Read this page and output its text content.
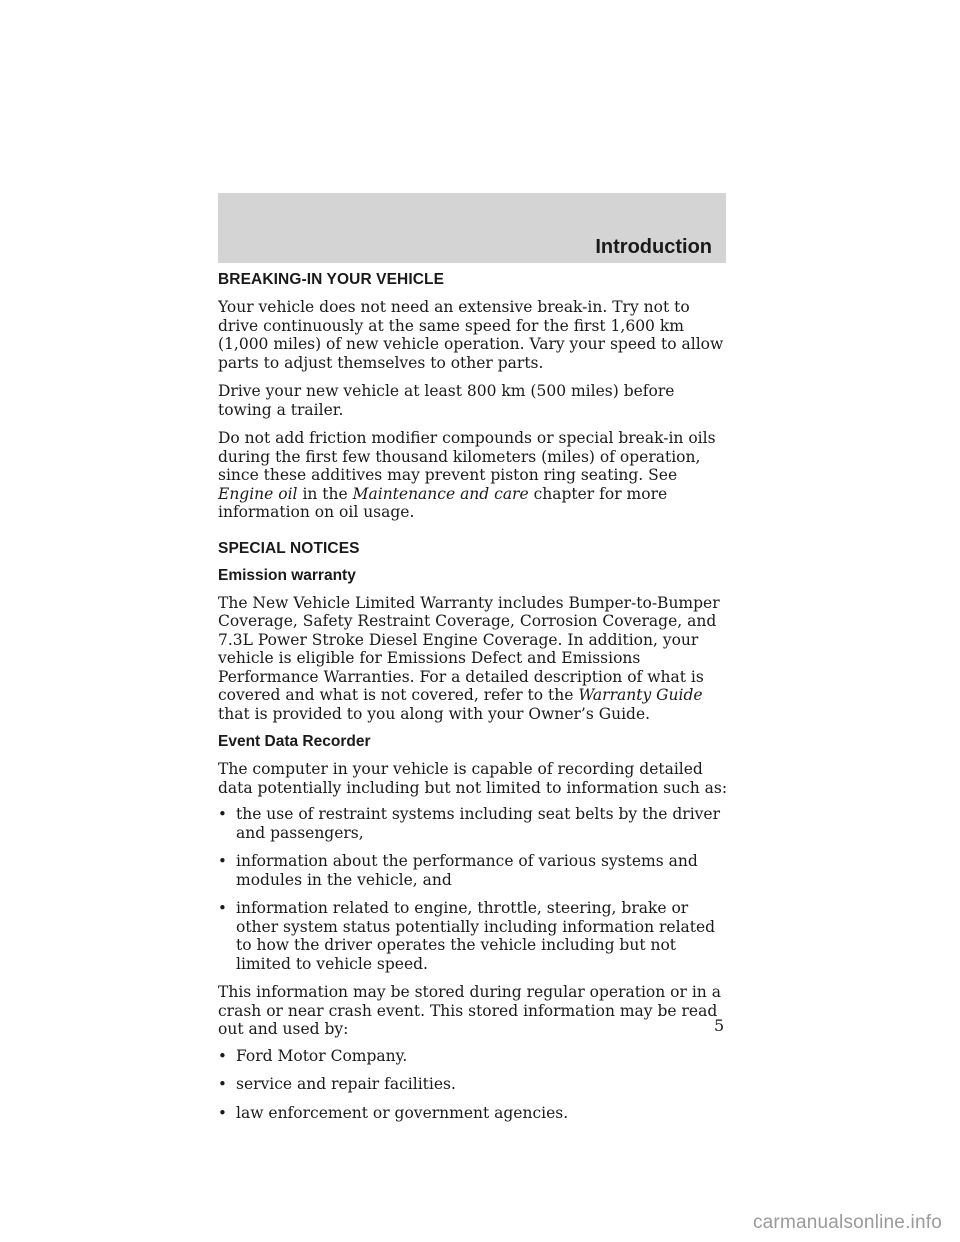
Introduction
BREAKING-IN YOUR VEHICLE

Your vehicle does not need an extensive break-in. Try not to drive continuously at the same speed for the first 1,600 km (1,000 miles) of new vehicle operation. Vary your speed to allow parts to adjust themselves to other parts.

Drive your new vehicle at least 800 km (500 miles) before towing a trailer.

Do not add friction modifier compounds or special break-in oils during the first few thousand kilometers (miles) of operation, since these additives may prevent piston ring seating. See Engine oil in the Maintenance and care chapter for more information on oil usage.

SPECIAL NOTICES
Emission warranty

The New Vehicle Limited Warranty includes Bumper-to-Bumper Coverage, Safety Restraint Coverage, Corrosion Coverage, and 7.3L Power Stroke Diesel Engine Coverage. In addition, your vehicle is eligible for Emissions Defect and Emissions Performance Warranties. For a detailed description of what is covered and what is not covered, refer to the Warranty Guide that is provided to you along with your Owner’s Guide.

Event Data Recorder

The computer in your vehicle is capable of recording detailed data potentially including but not limited to information such as:

• the use of restraint systems including seat belts by the driver and passengers,
• information about the performance of various systems and modules in the vehicle, and
• information related to engine, throttle, steering, brake or other system status potentially including information related to how the driver operates the vehicle including but not limited to vehicle speed.

This information may be stored during regular operation or in a crash or near crash event. This stored information may be read out and used by:

• Ford Motor Company.
• service and repair facilities.
• law enforcement or government agencies.
5
carmanualsonline.info
